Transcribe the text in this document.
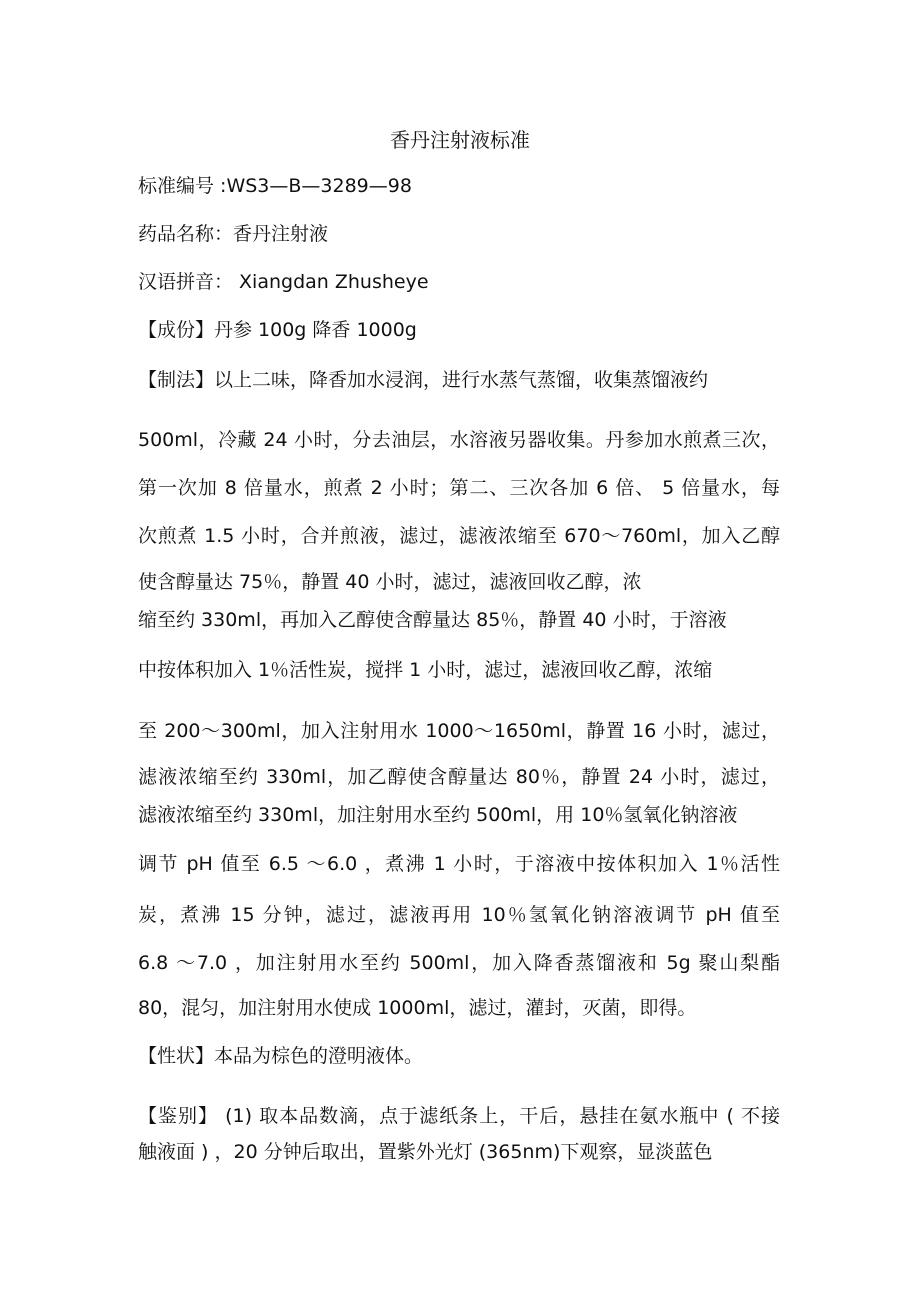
香丹注射液标准
标准编号 :WS3—B—3289—98
药品名称：香丹注射液
汉语拼音： Xiangdan Zhusheye
【成份】丹参 100g 降香 1000g
【制法】以上二味，降香加水浸润，进行水蒸气蒸馏，收集蒸馏液约
500ml，冷藏 24 小时，分去油层，水溶液另器收集。丹参加水煎煮三次，
第一次加 8 倍量水，煎煮 2 小时；第二、三次各加 6 倍、 5 倍量水，每
次煎煮 1.5 小时，合并煎液，滤过，滤液浓缩至 670～760ml，加入乙醇
使含醇量达 75％，静置 40 小时，滤过，滤液回收乙醇，浓
缩至约 330ml，再加入乙醇使含醇量达 85％，静置 40 小时，于溶液
中按体积加入 1％活性炭，搅拌 1 小时，滤过，滤液回收乙醇，浓缩
至 200～300ml，加入注射用水 1000～1650ml，静置 16 小时，滤过，
滤液浓缩至约 330ml，加乙醇使含醇量达 80％，静置 24 小时，滤过，
滤液浓缩至约 330ml，加注射用水至约 500ml，用 10％氢氧化钠溶液
调节 pH 值至 6.5 ～6.0 ，煮沸 1 小时，于溶液中按体积加入 1％活性
炭，煮沸 15 分钟，滤过，滤液再用 10％氢氧化钠溶液调节 pH 值至
6.8 ～7.0 ，加注射用水至约 500ml，加入降香蒸馏液和 5g 聚山梨酯
80，混匀，加注射用水使成 1000ml，滤过，灌封，灭菌，即得。
【性状】本品为棕色的澄明液体。
【鉴别】 (1) 取本品数滴，点于滤纸条上，干后，悬挂在氨水瓶中 ( 不接
触液面 ) ，20 分钟后取出，置紫外光灯 (365nm)下观察，显淡蓝色
